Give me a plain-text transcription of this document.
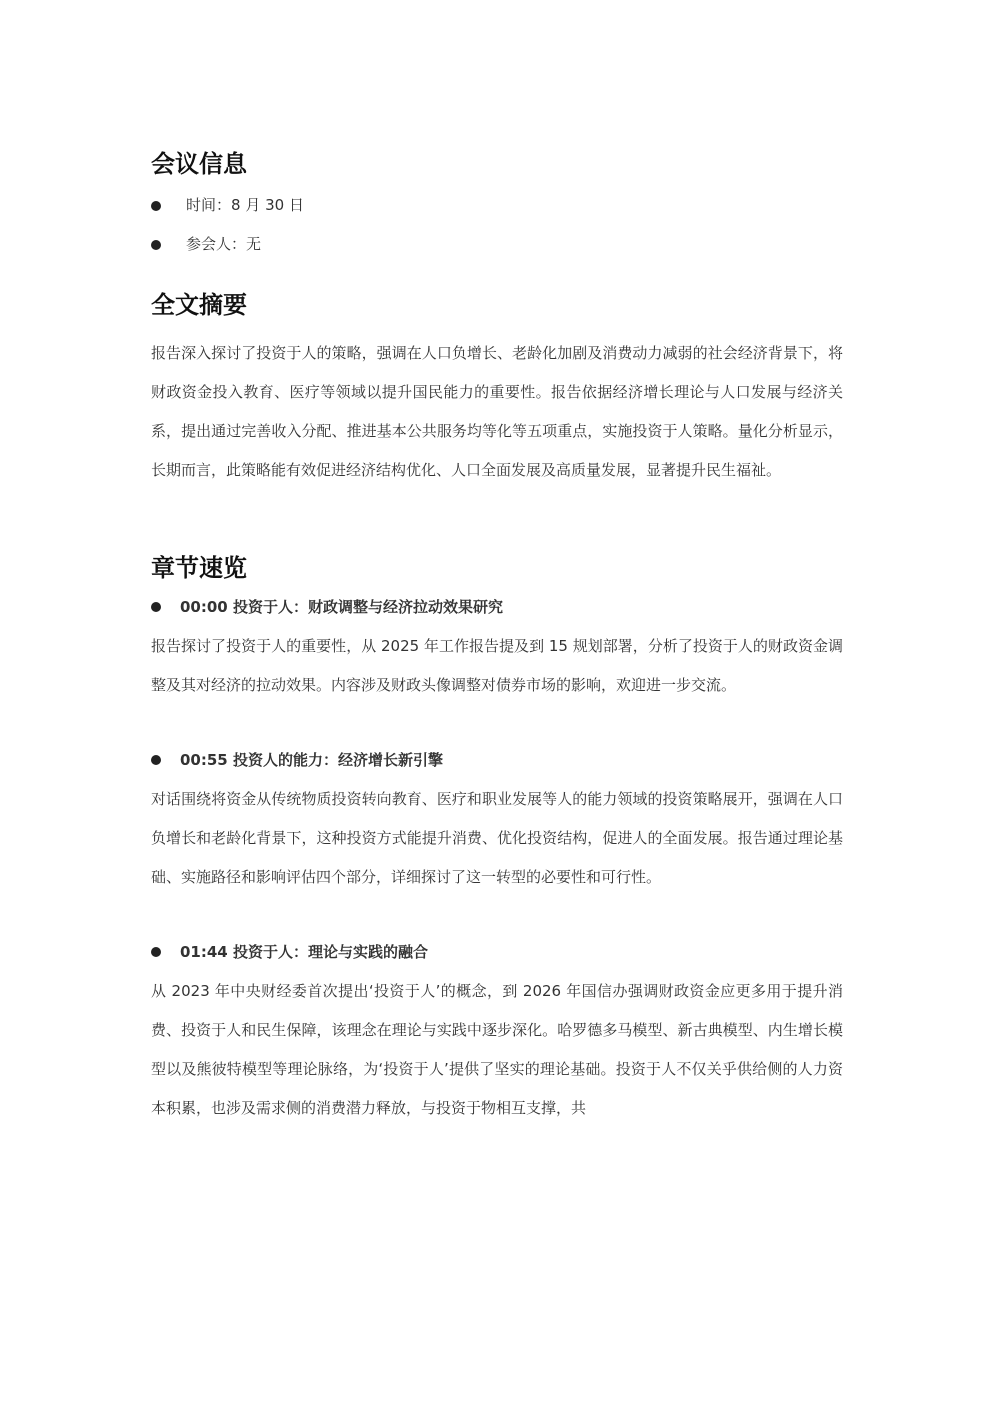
会议信息
时间：8 月 30 日
参会人：无
全文摘要

报告深入探讨了投资于人的策略，强调在人口负增长、老龄化加剧及消费动力减弱的社会经济背景下，将财政资金投入教育、医疗等领域以提升国民能力的重要性。报告依据经济增长理论与人口发展与经济关系，提出通过完善收入分配、推进基本公共服务均等化等五项重点，实施投资于人策略。量化分析显示，长期而言，此策略能有效促进经济结构优化、人口全面发展及高质量发展，显著提升民生福祉。

章节速览
00:00 投资于人：财政调整与经济拉动效果研究

报告探讨了投资于人的重要性，从 2025 年工作报告提及到 15 规划部署，分析了投资于人的财政资金调整及其对经济的拉动效果。内容涉及财政头像调整对债券市场的影响，欢迎进一步交流。

00:55 投资人的能力：经济增长新引擎

对话围绕将资金从传统物质投资转向教育、医疗和职业发展等人的能力领域的投资策略展开，强调在人口负增长和老龄化背景下，这种投资方式能提升消费、优化投资结构，促进人的全面发展。报告通过理论基础、实施路径和影响评估四个部分，详细探讨了这一转型的必要性和可行性。

01:44 投资于人：理论与实践的融合

从 2023 年中央财经委首次提出‘投资于人’的概念，到 2026 年国信办强调财政资金应更多用于提升消费、投资于人和民生保障，该理念在理论与实践中逐步深化。哈罗德多马模型、新古典模型、内生增长模型以及熊彼特模型等理论脉络，为‘投资于人’提供了坚实的理论基础。投资于人不仅关乎供给侧的人力资本积累，也涉及需求侧的消费潜力释放，与投资于物相互支撑，共
